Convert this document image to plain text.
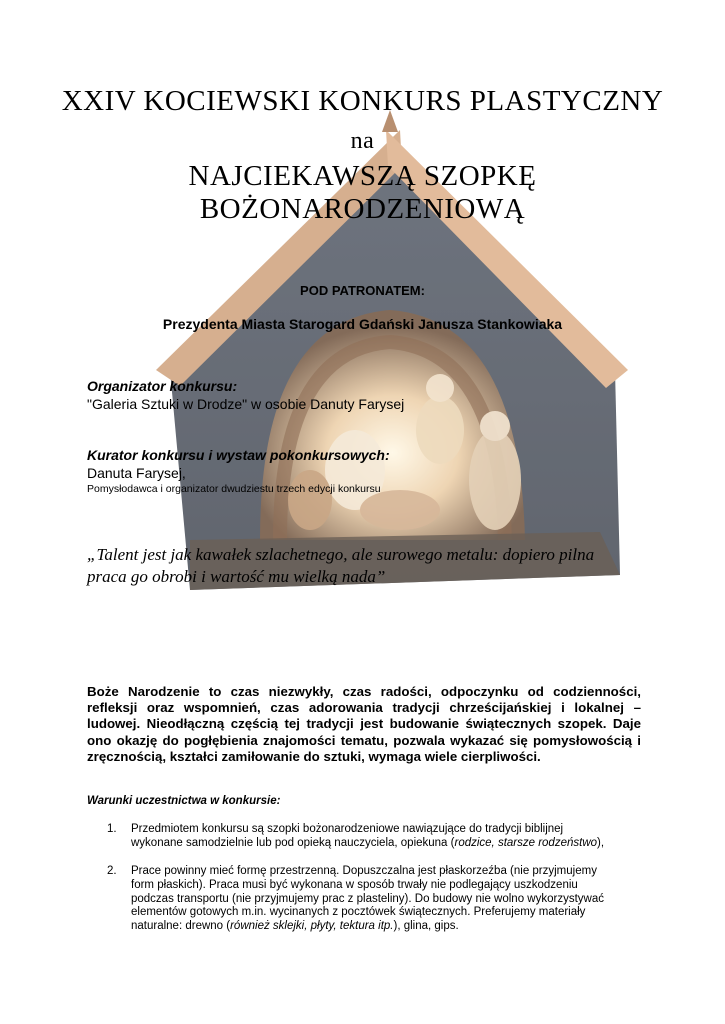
XXIV KOCIEWSKI KONKURS PLASTYCZNY
na
NAJCIEKAWSZĄ SZOPKĘ
BOŻONARODZENIOWĄ
POD PATRONATEM:
Prezydenta Miasta Starogard Gdański Janusza Stankowiaka
Organizator konkursu:
"Galeria Sztuki w Drodze" w osobie Danuty Farysej
Kurator konkursu i wystaw pokonkursowych:
Danuta Farysej,
Pomysłodawca i organizator dwudziestu trzech edycji konkursu
„Talent jest jak kawałek szlachetnego, ale surowego metalu: dopiero pilna
praca go obrobi i wartość mu wielką nada”
Boże Narodzenie to czas niezwykły, czas radości, odpoczynku od codzienności, refleksji oraz wspomnień, czas adorowania tradycji chrześcijańskiej i lokalnej – ludowej. Nieodłączną częścią tej tradycji jest budowanie świątecznych szopek. Daje ono okazję do pogłębienia znajomości tematu, pozwala wykazać się pomysłowością i zręcznością, kształci zamiłowanie do sztuki, wymaga wiele cierpliwości.
Warunki uczestnictwa w konkursie:
1. Przedmiotem konkursu są szopki bożonarodzeniowe nawiązujące do tradycji biblijnej
wykonane samodzielnie lub pod opieką nauczyciela, opiekuna (rodzice, starsze rodzeństwo),
2. Prace powinny mieć formę przestrzenną. Dopuszczalna jest płaskorzeźba (nie przyjmujemy
form płaskich). Praca musi być wykonana w sposób trwały nie podlegający uszkodzeniu
podczas transportu (nie przyjmujemy prac z plasteliny). Do budowy nie wolno wykorzystywać
elementów gotowych m.in. wycinanych z pocztówek świątecznych. Preferujemy materiały
naturalne: drewno (również sklejki, płyty, tektura itp.), glina, gips.
